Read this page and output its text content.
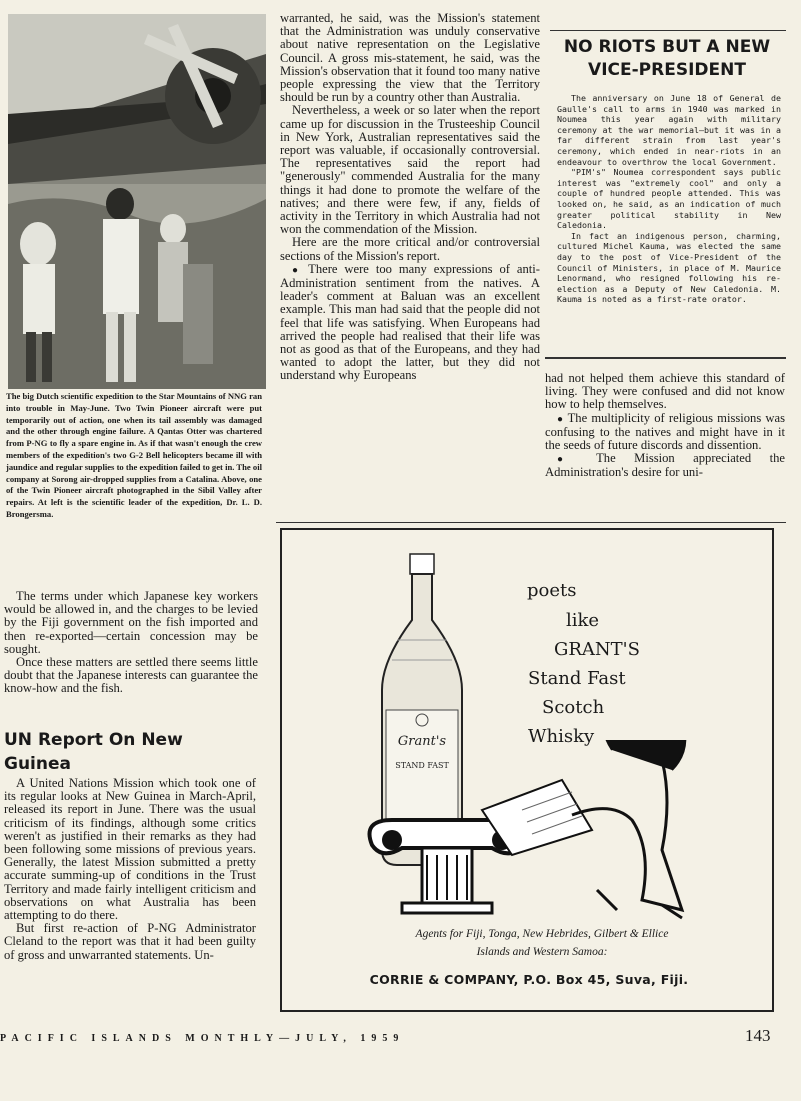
The big Dutch scientific expedition to the Star Mountains of NNG ran into trouble in May-June. Two Twin Pioneer aircraft were put temporarily out of action, one when its tail assembly was damaged and the other through engine failure. A Qantas Otter was chartered from P-NG to fly a spare engine in. As if that wasn't enough the crew members of the expedition's two G-2 Bell helicopters became ill with jaundice and regular supplies to the expedition failed to get in. The oil company at Sorong air-dropped supplies from a Catalina. Above, one of the Twin Pioneer aircraft photographed in the Sibil Valley after repairs. At left is the scientific leader of the expedition, Dr. L. D. Brongersma.

The terms under which Japanese key workers would be allowed in, and the charges to be levied by the Fiji government on the fish imported and then re-exported—certain concession may be sought.

Once these matters are settled there seems little doubt that the Japanese interests can guarantee the know-how and the fish.

UN Report On New Guinea

A United Nations Mission which took one of its regular looks at New Guinea in March-April, released its report in June. There was the usual criticism of its findings, although some critics weren't as justified in their remarks as they had been following some missions of previous years. Generally, the latest Mission submitted a pretty accurate summing-up of conditions in the Trust Territory and made fairly intelligent criticism and observations on what Australia has been attempting to do there.

But first re-action of P-NG Administrator Cleland to the report was that it had been guilty of gross and unwarranted statements. Un-

warranted, he said, was the Mission's statement that the Administration was unduly conservative about native representation on the Legislative Council. A gross mis-statement, he said, was the Mission's observation that it found too many native people expressing the view that the Territory should be run by a country other than Australia.

Nevertheless, a week or so later when the report came up for discussion in the Trusteeship Council in New York, Australian representatives said the report was valuable, if occasionally controversial. The representatives said the report had "generously" commended Australia for the many things it had done to promote the welfare of the natives; and there were few, if any, fields of activity in the Territory in which Australia had not won the commendation of the Mission.

Here are the more critical and/or controversial sections of the Mission's report.

● There were too many expressions of anti-Administration sentiment from the natives. A leader's comment at Baluan was an excellent example. This man had said that the people did not feel that life was satisfying. When Europeans had arrived the people had realised that their life was not as good as that of the Europeans, and they had wanted to adopt the latter, but they did not understand why Europeans

NO RIOTS BUT A NEW VICE-PRESIDENT

The anniversary on June 18 of General de Gaulle's call to arms in 1940 was marked in Noumea this year again with military ceremony at the war memorial—but it was in a far different strain from last year's ceremony, which ended in near-riots in an endeavour to overthrow the local Government.

"PIM's" Noumea correspondent says public interest was "extremely cool" and only a couple of hundred people attended. This was looked on, he said, as an indication of much greater political stability in New Caledonia.

In fact an indigenous person, charming, cultured Michel Kauma, was elected the same day to the post of Vice-President of the Council of Ministers, in place of M. Maurice Lenormand, who resigned following his re-election as a Deputy of New Caledonia. M. Kauma is noted as a first-rate orator.

had not helped them achieve this standard of living. They were confused and did not know how to help themselves.

● The multiplicity of religious missions was confusing to the natives and might have in it the seeds of future discords and dissention.

● The Mission appreciated the Administration's desire for uni-

Grant's
STAND FAST
poets
like
GRANT'S
Stand Fast
Scotch
Whisky

Agents for Fiji, Tonga, New Hebrides, Gilbert & Ellice
Islands and Western Samoa:

CORRIE & COMPANY, P.O. Box 45, Suva, Fiji.

PACIFIC ISLANDS MONTHLY—JULY, 1959	143
